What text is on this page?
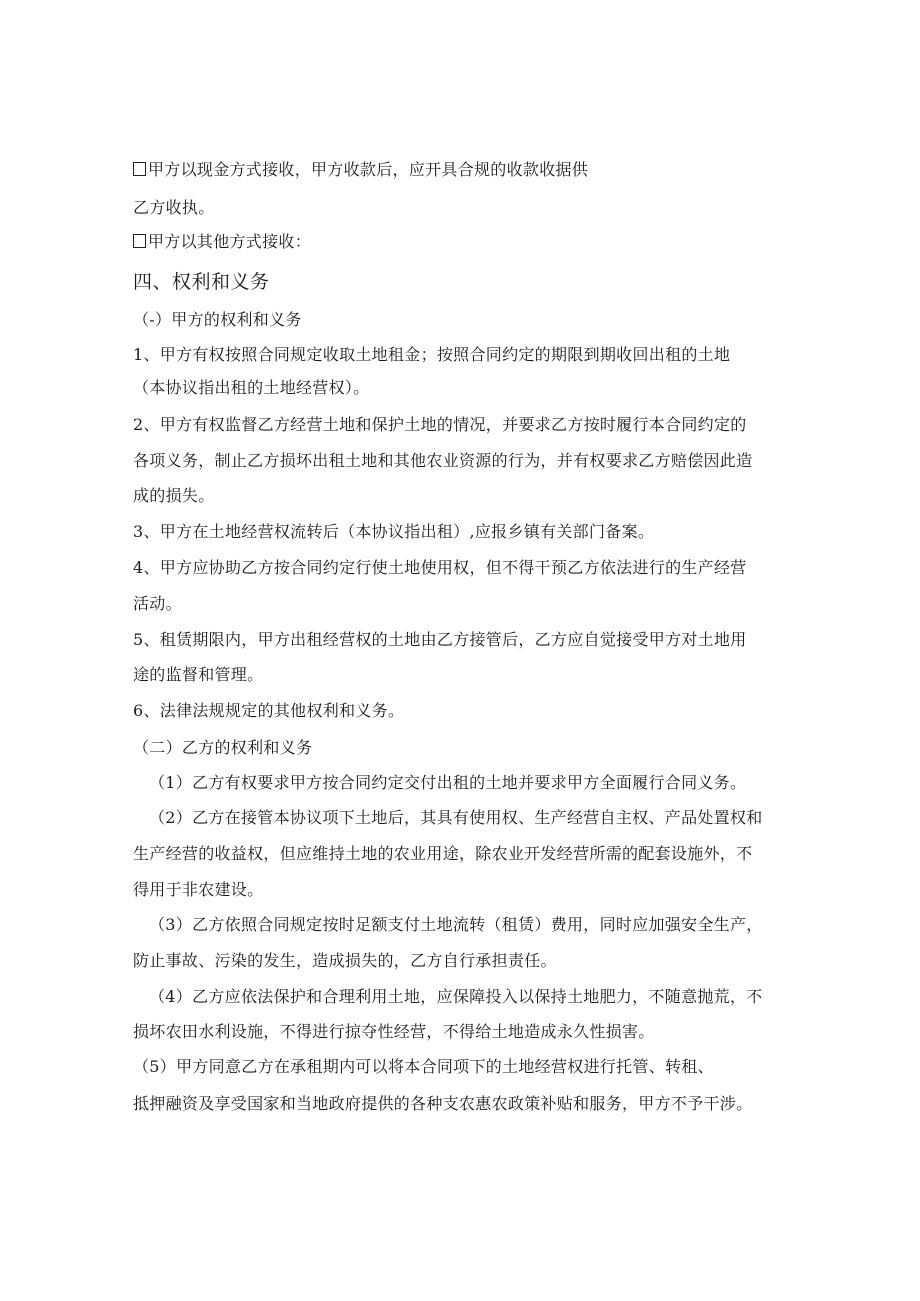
甲方以现金方式接收，甲方收款后，应开具合规的收款收据供
乙方收执。
甲方以其他方式接收：
四、权利和义务
（-）甲方的权利和义务
1、甲方有权按照合同规定收取土地租金；按照合同约定的期限到期收回出租的土地
（本协议指出租的土地经营权）。
2、甲方有权监督乙方经营土地和保护土地的情况，并要求乙方按时履行本合同约定的
各项义务，制止乙方损坏出租土地和其他农业资源的行为，并有权要求乙方赔偿因此造
成的损失。
3、甲方在土地经营权流转后（本协议指出租）,应报乡镇有关部门备案。
4、甲方应协助乙方按合同约定行使土地使用权，但不得干预乙方依法进行的生产经营
活动。
5、租赁期限内，甲方出租经营权的土地由乙方接管后，乙方应自觉接受甲方对土地用
途的监督和管理。
6、法律法规规定的其他权利和义务。
（二）乙方的权利和义务
（1）乙方有权要求甲方按合同约定交付出租的土地并要求甲方全面履行合同义务。
（2）乙方在接管本协议项下土地后，其具有使用权、生产经营自主权、产品处置权和
生产经营的收益权，但应维持土地的农业用途，除农业开发经营所需的配套设施外，不
得用于非农建设。
（3）乙方依照合同规定按时足额支付土地流转（租赁）费用，同时应加强安全生产，
防止事故、污染的发生，造成损失的，乙方自行承担责任。
（4）乙方应依法保护和合理利用土地，应保障投入以保持土地肥力，不随意抛荒，不
损坏农田水利设施，不得进行掠夺性经营，不得给土地造成永久性损害。
（5）甲方同意乙方在承租期内可以将本合同项下的土地经营权进行托管、转租、
抵押融资及享受国家和当地政府提供的各种支农惠农政策补贴和服务，甲方不予干涉。
